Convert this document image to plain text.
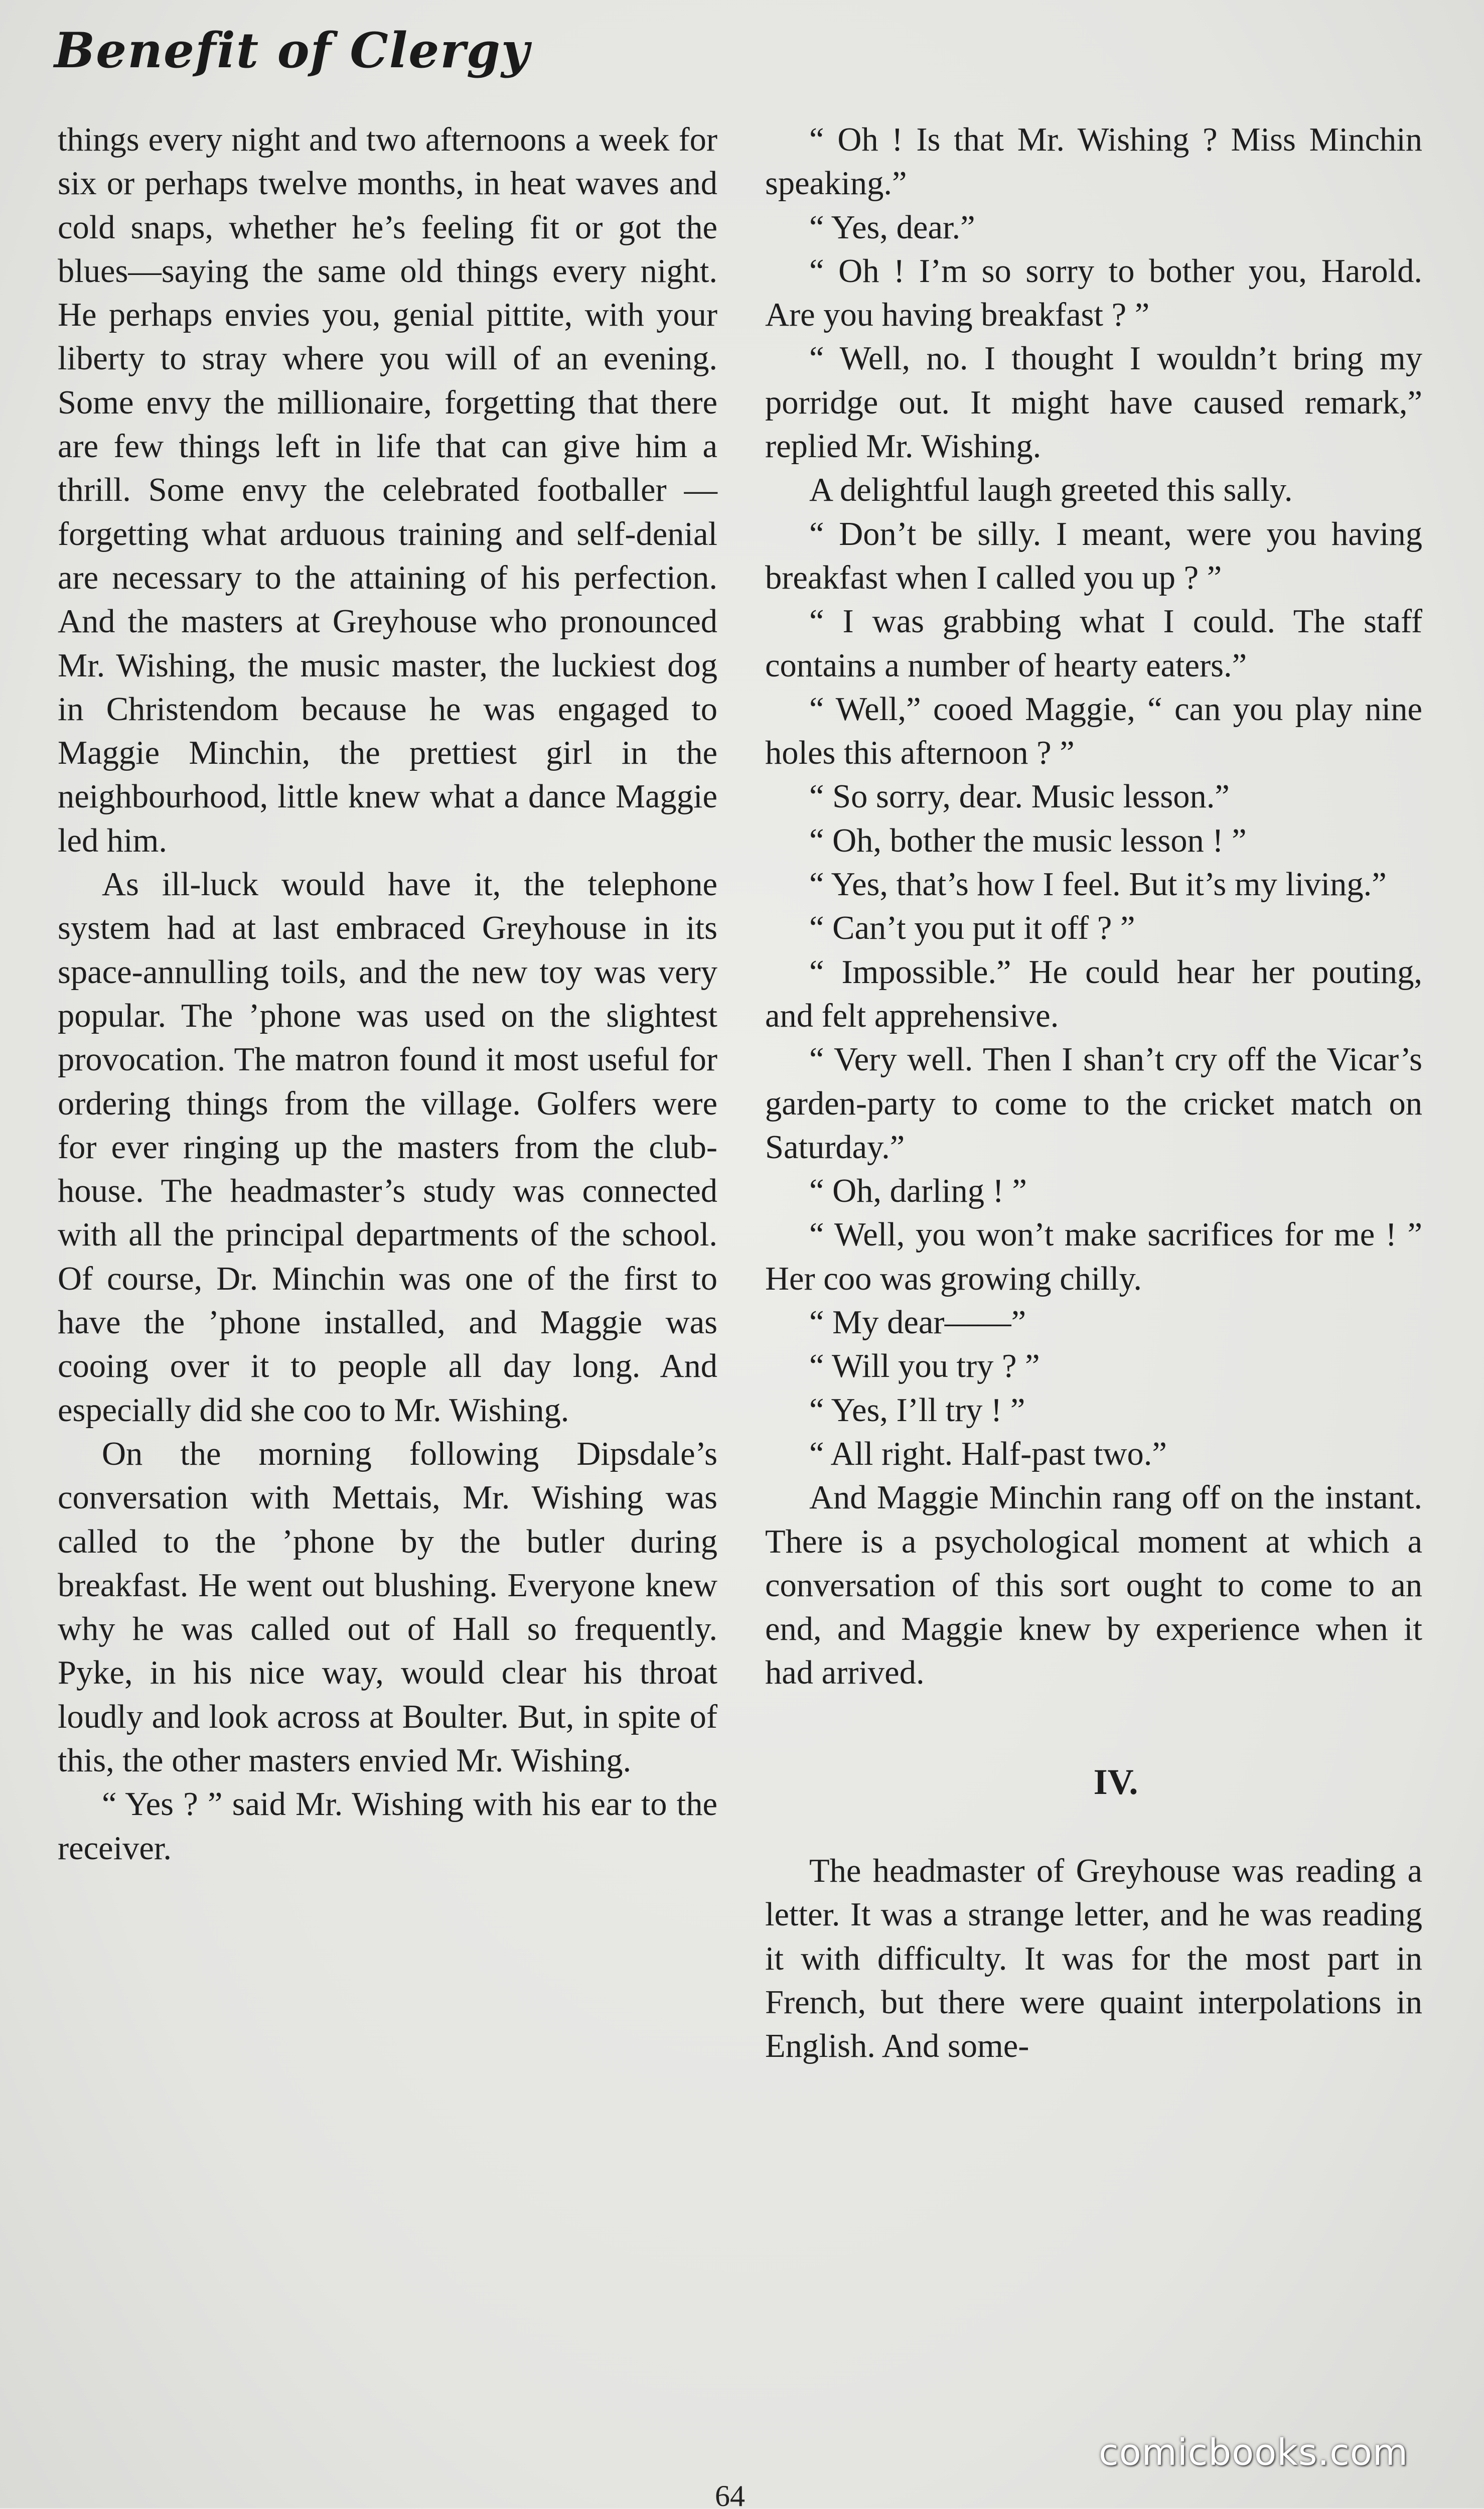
Benefit of Clergy

things every night and two afternoons a week for six or perhaps twelve months, in heat waves and cold snaps, whether he’s feeling fit or got the blues—saying the same old things every night. He perhaps envies you, genial pittite, with your liberty to stray where you will of an evening. Some envy the millionaire, forgetting that there are few things left in life that can give him a thrill. Some envy the celebrated footballer —forgetting what arduous training and self-denial are necessary to the attaining of his perfection. And the masters at Greyhouse who pronounced Mr. Wishing, the music master, the luckiest dog in Christendom because he was engaged to Maggie Minchin, the prettiest girl in the neighbourhood, little knew what a dance Maggie led him.

As ill-luck would have it, the telephone system had at last embraced Greyhouse in its space-annulling toils, and the new toy was very popular. The ’phone was used on the slightest provocation. The matron found it most useful for ordering things from the village. Golfers were for ever ringing up the masters from the club-house. The headmaster’s study was connected with all the principal departments of the school. Of course, Dr. Minchin was one of the first to have the ’phone installed, and Maggie was cooing over it to people all day long. And especially did she coo to Mr. Wishing.

On the morning following Dipsdale’s conversation with Mettais, Mr. Wishing was called to the ’phone by the butler during breakfast. He went out blushing. Everyone knew why he was called out of Hall so frequently. Pyke, in his nice way, would clear his throat loudly and look across at Boulter. But, in spite of this, the other masters envied Mr. Wishing.

“ Yes ? ” said Mr. Wishing with his ear to the receiver.

“ Oh ! Is that Mr. Wishing ? Miss Minchin speaking.”

“ Yes, dear.”

“ Oh ! I’m so sorry to bother you, Harold. Are you having breakfast ? ”

“ Well, no. I thought I wouldn’t bring my porridge out. It might have caused remark,” replied Mr. Wishing.

A delightful laugh greeted this sally.

“ Don’t be silly. I meant, were you having breakfast when I called you up ? ”

“ I was grabbing what I could. The staff contains a number of hearty eaters.”

“ Well,” cooed Maggie, “ can you play nine holes this afternoon ? ”

“ So sorry, dear. Music lesson.”

“ Oh, bother the music lesson ! ”

“ Yes, that’s how I feel. But it’s my living.”

“ Can’t you put it off ? ”

“ Impossible.” He could hear her pouting, and felt apprehensive.

“ Very well. Then I shan’t cry off the Vicar’s garden-party to come to the cricket match on Saturday.”

“ Oh, darling ! ”

“ Well, you won’t make sacrifices for me ! ” Her coo was growing chilly.

“ My dear——”

“ Will you try ? ”

“ Yes, I’ll try ! ”

“ All right. Half-past two.”

And Maggie Minchin rang off on the instant. There is a psychological moment at which a conversation of this sort ought to come to an end, and Maggie knew by experience when it had arrived.

IV.

The headmaster of Greyhouse was reading a letter. It was a strange letter, and he was reading it with difficulty. It was for the most part in French, but there were quaint interpolations in English. And some-

64
comicbooks.com
